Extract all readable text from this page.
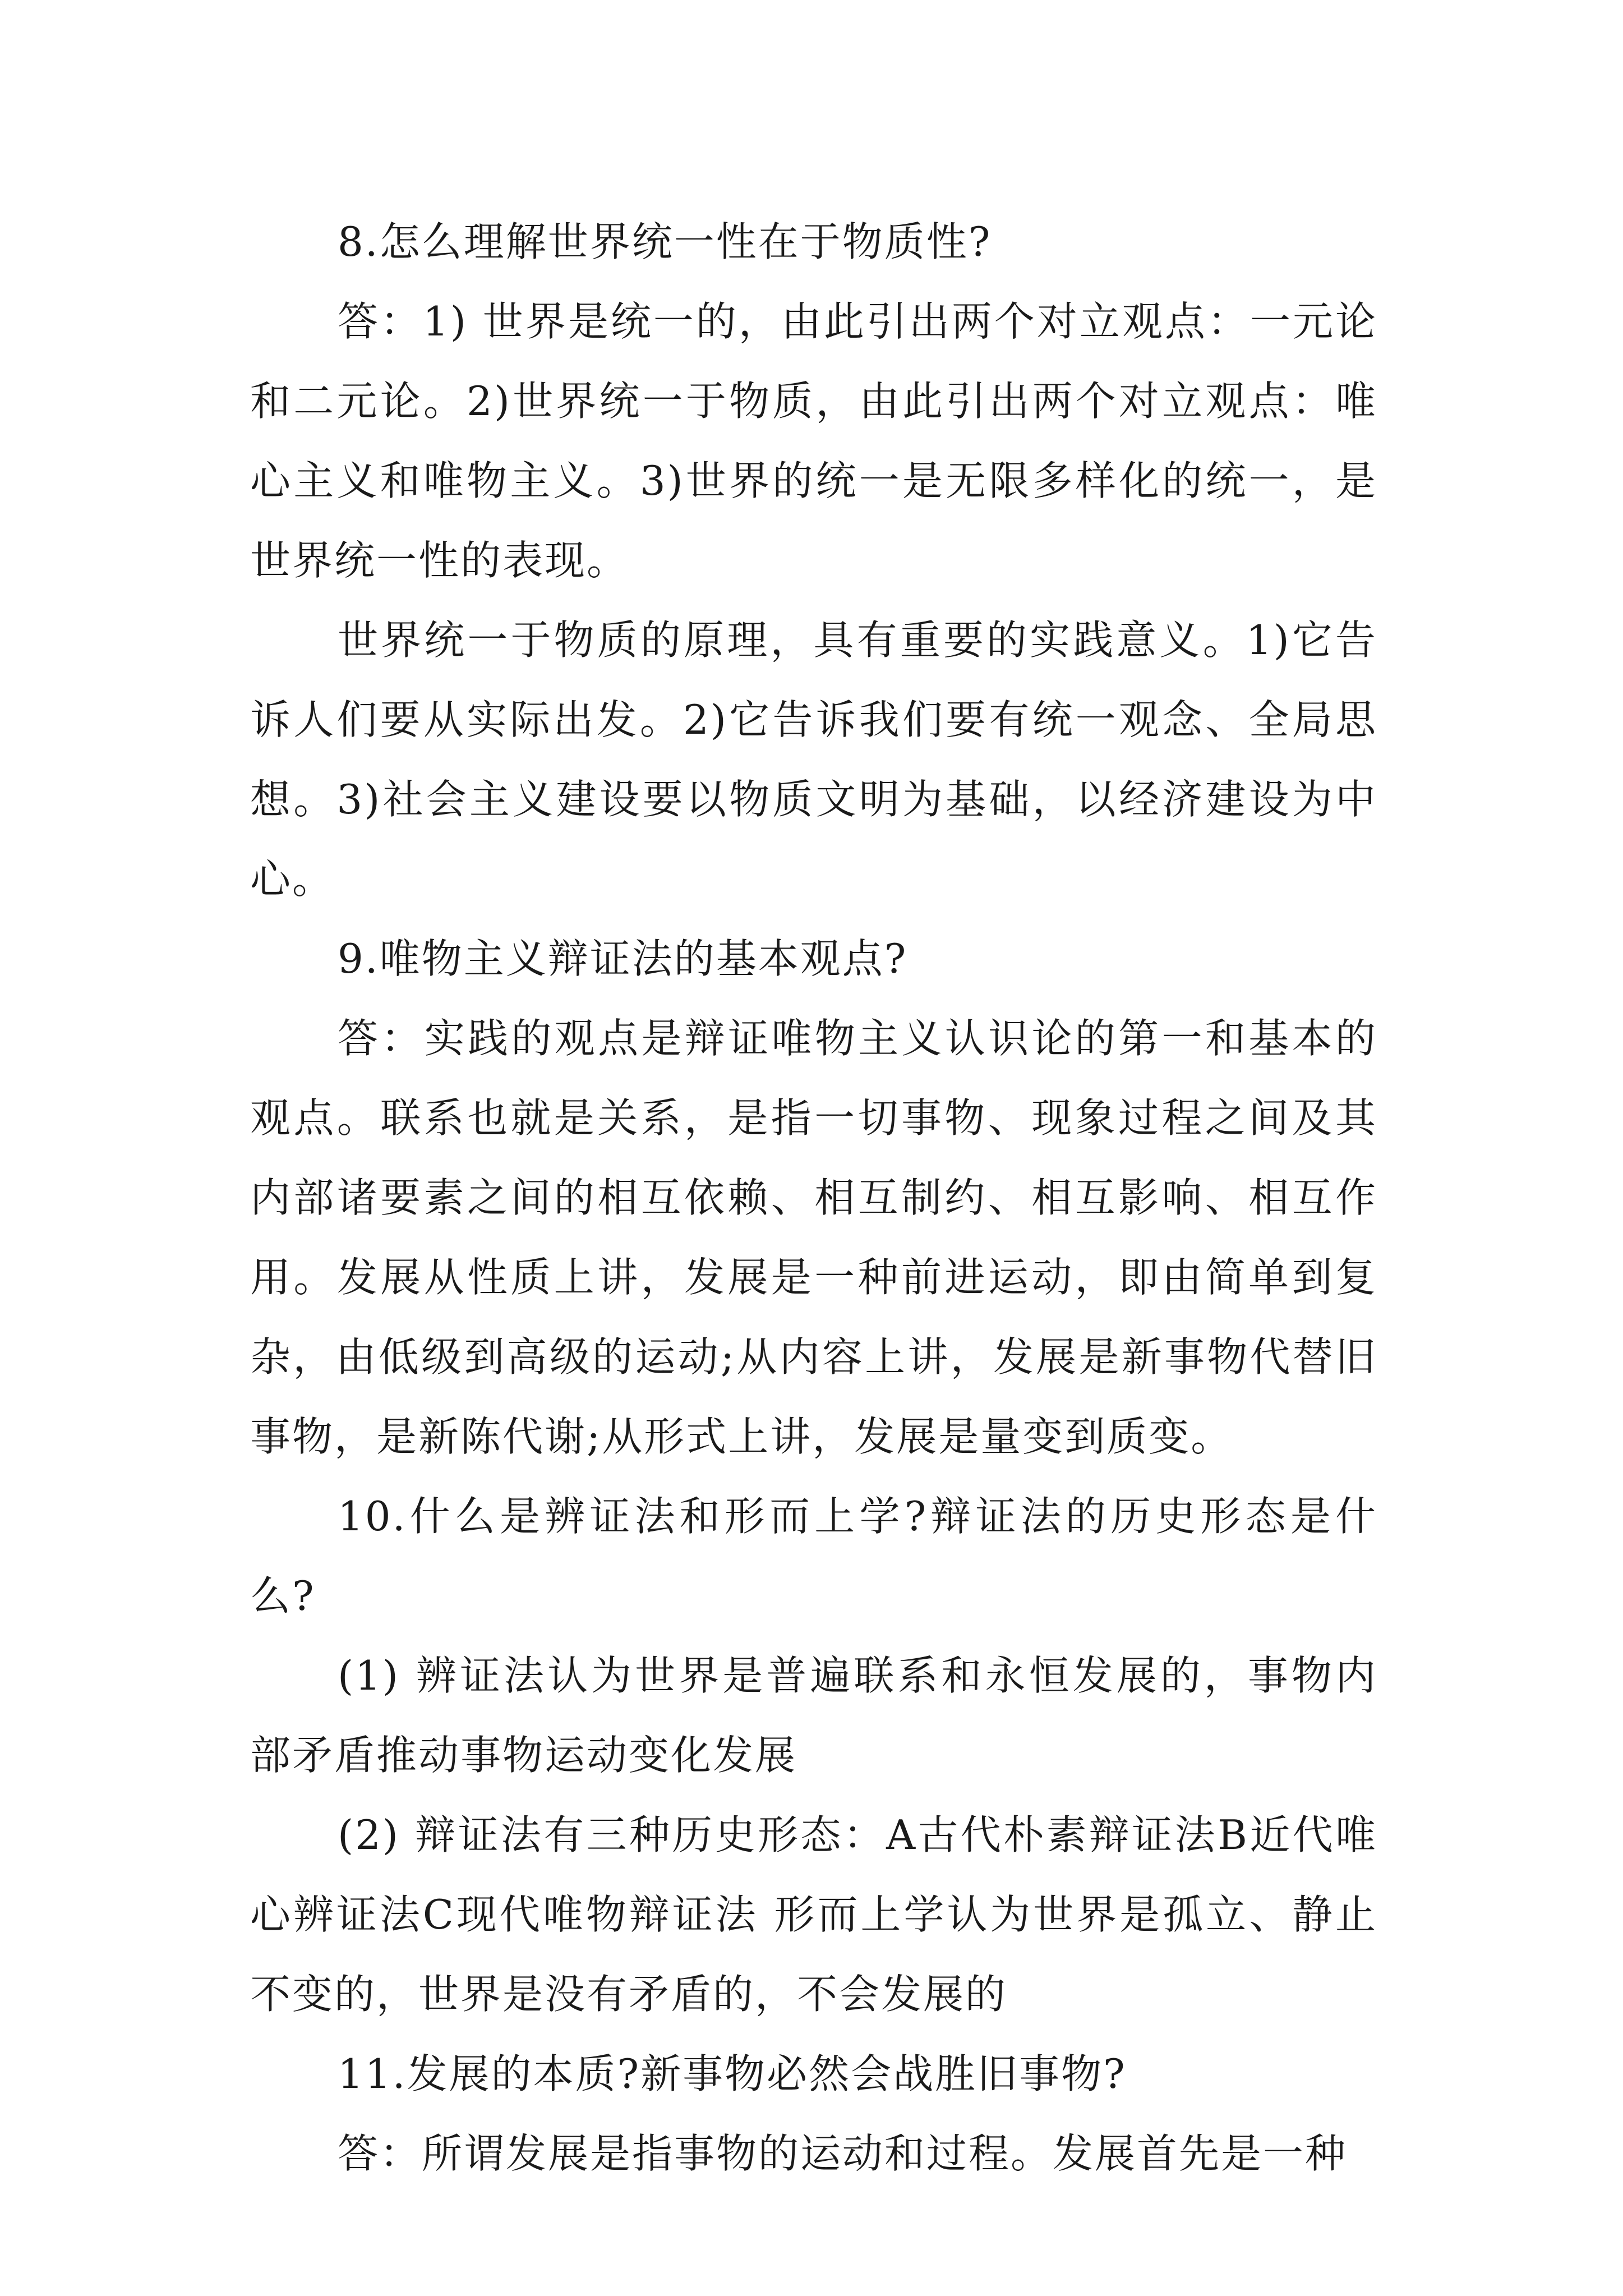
8.怎么理解世界统一性在于物质性?

答：1) 世界是统一的，由此引出两个对立观点：一元论和二元论。2)世界统一于物质，由此引出两个对立观点：唯心主义和唯物主义。3)世界的统一是无限多样化的统一，是世界统一性的表现。

世界统一于物质的原理，具有重要的实践意义。1)它告诉人们要从实际出发。2)它告诉我们要有统一观念、全局思想。3)社会主义建设要以物质文明为基础，以经济建设为中心。

9.唯物主义辩证法的基本观点?

答：实践的观点是辩证唯物主义认识论的第一和基本的观点。联系也就是关系，是指一切事物、现象过程之间及其内部诸要素之间的相互依赖、相互制约、相互影响、相互作用。发展从性质上讲，发展是一种前进运动，即由简单到复杂，由低级到高级的运动;从内容上讲，发展是新事物代替旧事物，是新陈代谢;从形式上讲，发展是量变到质变。

10.什么是辨证法和形而上学?辩证法的历史形态是什么?

(1) 辨证法认为世界是普遍联系和永恒发展的，事物内部矛盾推动事物运动变化发展

(2) 辩证法有三种历史形态：A古代朴素辩证法B近代唯心辨证法C现代唯物辩证法 形而上学认为世界是孤立、静止不变的，世界是没有矛盾的，不会发展的

11.发展的本质?新事物必然会战胜旧事物?

答：所谓发展是指事物的运动和过程。发展首先是一种
